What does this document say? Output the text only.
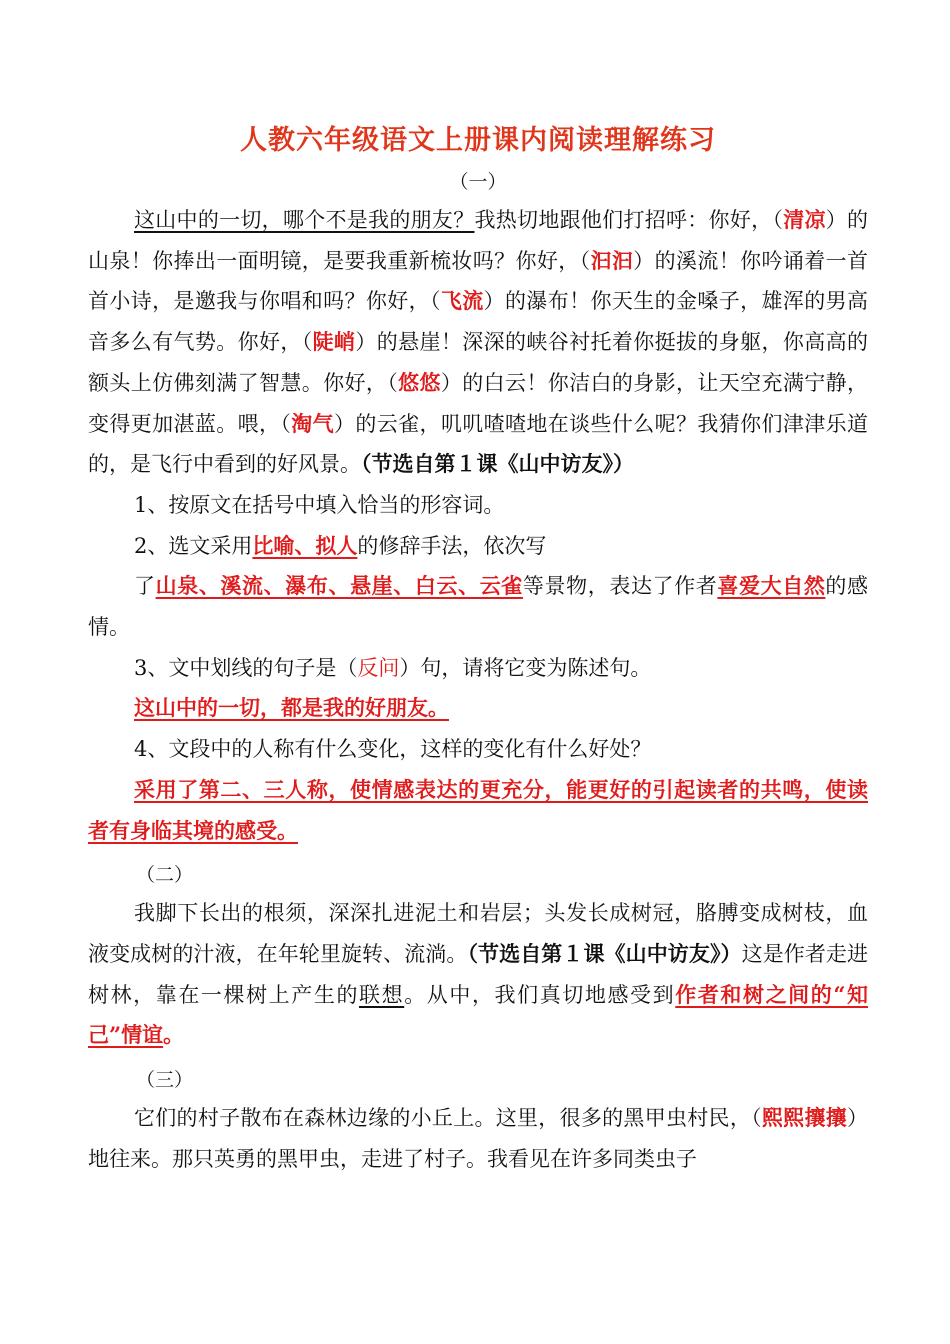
人教六年级语文上册课内阅读理解练习

（一）

这山中的一切，哪个不是我的朋友？我热切地跟他们打招呼：你好，（清凉）的山泉！你捧出一面明镜，是要我重新梳妆吗？你好，（汩汩）的溪流！你吟诵着一首首小诗，是邀我与你唱和吗？你好，（飞流）的瀑布！你天生的金嗓子，雄浑的男高音多么有气势。你好，（陡峭）的悬崖！深深的峡谷衬托着你挺拔的身躯，你高高的额头上仿佛刻满了智慧。你好，（悠悠）的白云！你洁白的身影，让天空充满宁静，变得更加湛蓝。喂，（淘气）的云雀，叽叽喳喳地在谈些什么呢？我猜你们津津乐道的，是飞行中看到的好风景。（节选自第１课《山中访友》）

1、按原文在括号中填入恰当的形容词。

2、选文采用比喻、拟人的修辞手法，依次写

了山泉、溪流、瀑布、悬崖、白云、云雀等景物，表达了作者喜爱大自然的感情。

3、文中划线的句子是（反问）句，请将它变为陈述句。

这山中的一切，都是我的好朋友。

4、文段中的人称有什么变化，这样的变化有什么好处？

采用了第二、三人称，使情感表达的更充分，能更好的引起读者的共鸣，使读者有身临其境的感受。

（二）

我脚下长出的根须，深深扎进泥土和岩层；头发长成树冠，胳膊变成树枝，血液变成树的汁液，在年轮里旋转、流淌。（节选自第１课《山中访友》）这是作者走进树林，靠在一棵树上产生的联想。从中，我们真切地感受到作者和树之间的“知己”情谊。

（三）

它们的村子散布在森林边缘的小丘上。这里，很多的黑甲虫村民，（熙熙攘攘）地往来。那只英勇的黑甲虫，走进了村子。我看见在许多同类虫子
